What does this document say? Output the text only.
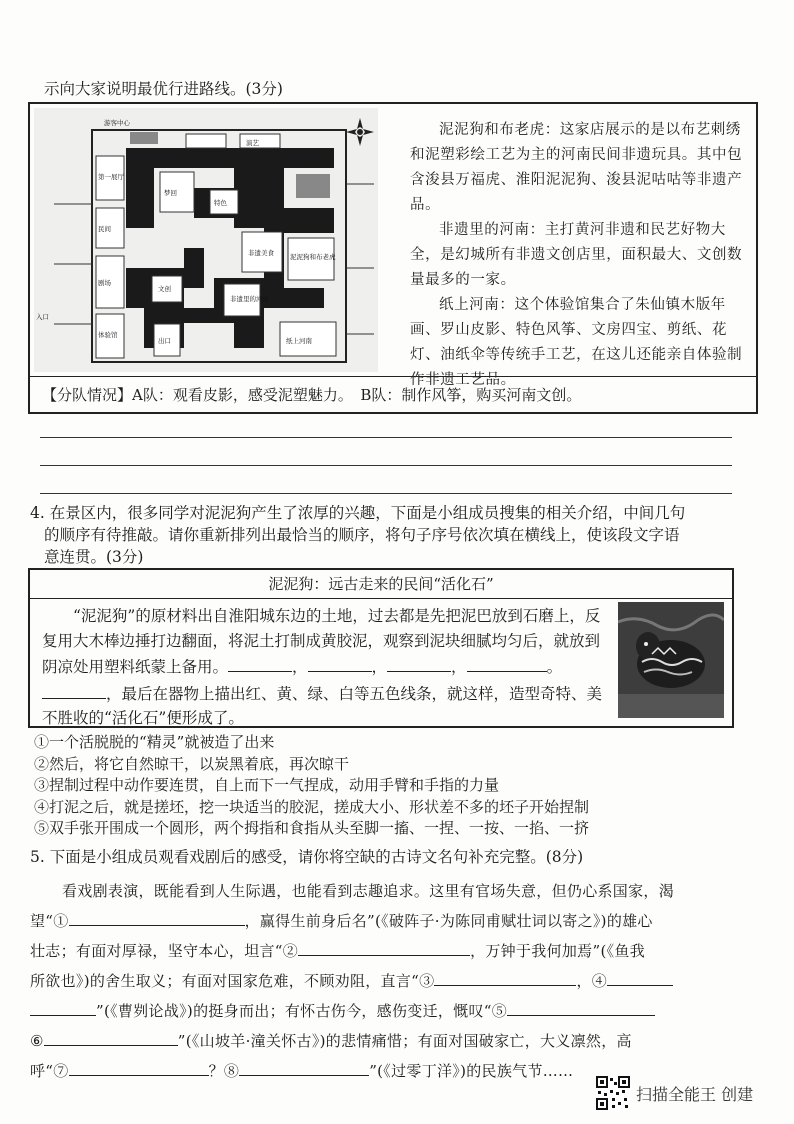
示向大家说明最优行进路线。(3分)
游客中心
第一展厅
梦回
民间
剧场
非遗里的河南
特色
演艺
泥泥狗和布老虎
纸上河南
非遗美食
文创
出口
入口
体验馆

泥泥狗和布老虎：这家店展示的是以布艺刺绣和泥塑彩绘工艺为主的河南民间非遗玩具。其中包含浚县万福虎、淮阳泥泥狗、浚县泥咕咕等非遗产品。

非遗里的河南：主打黄河非遗和民艺好物大全，是幻城所有非遗文创店里，面积最大、文创数量最多的一家。

纸上河南：这个体验馆集合了朱仙镇木版年画、罗山皮影、特色风筝、文房四宝、剪纸、花灯、油纸伞等传统手工艺，在这儿还能亲自体验制作非遗工艺品。

【分队情况】A队：观看皮影，感受泥塑魅力。　B队：制作风筝，购买河南文创。
4. 在景区内，很多同学对泥泥狗产生了浓厚的兴趣，下面是小组成员搜集的相关介绍，中间几句
的顺序有待推敲。请你重新排列出最恰当的顺序，将句子序号依次填在横线上，使该段文字语
意连贯。(3分)
泥泥狗：远古走来的民间“活化石”
“泥泥狗”的原材料出自淮阳城东边的土地，过去都是先把泥巴放到石磨上，反复用大木棒边捶打边翻面，将泥土打制成黄胶泥，观察到泥块细腻均匀后，就放到阴凉处用塑料纸蒙上备用。	，	，	，	。，最后在器物上描出红、黄、绿、白等五色线条，就这样，造型奇特、美不胜收的“活化石”便形成了。
①一个活脱脱的“精灵”就被造了出来
②然后，将它自然晾干，以炭黑着底，再次晾干
③捏制过程中动作要连贯，自上而下一气捏成，动用手臂和手指的力量
④打泥之后，就是搓坯，挖一块适当的胶泥，搓成大小、形状差不多的坯子开始捏制
⑤双手张开围成一个圆形，两个拇指和食指从头至脚一搐、一捏、一按、一掐、一挤
5. 下面是小组成员观看戏剧后的感受，请你将空缺的古诗文名句补充完整。(8分)
看戏剧表演，既能看到人生际遇，也能看到志趣追求。这里有官场失意，但仍心系国家，渴
望“①	，赢得生前身后名”(《破阵子·为陈同甫赋壮词以寄之》)的雄心
壮志；有面对厚禄，坚守本心，坦言“②	，万钟于我何加焉”(《鱼我
所欲也》)的舍生取义；有面对国家危难，不顾劝阻，直言“③	，④
”(《曹刿论战》)的挺身而出；有怀古伤今，感伤变迁，慨叹“⑤
⑥	”(《山坡羊·潼关怀古》)的悲情痛惜；有面对国破家亡，大义凛然，高
呼“⑦	？⑧	”(《过零丁洋》)的民族气节……
扫描全能王 创建
